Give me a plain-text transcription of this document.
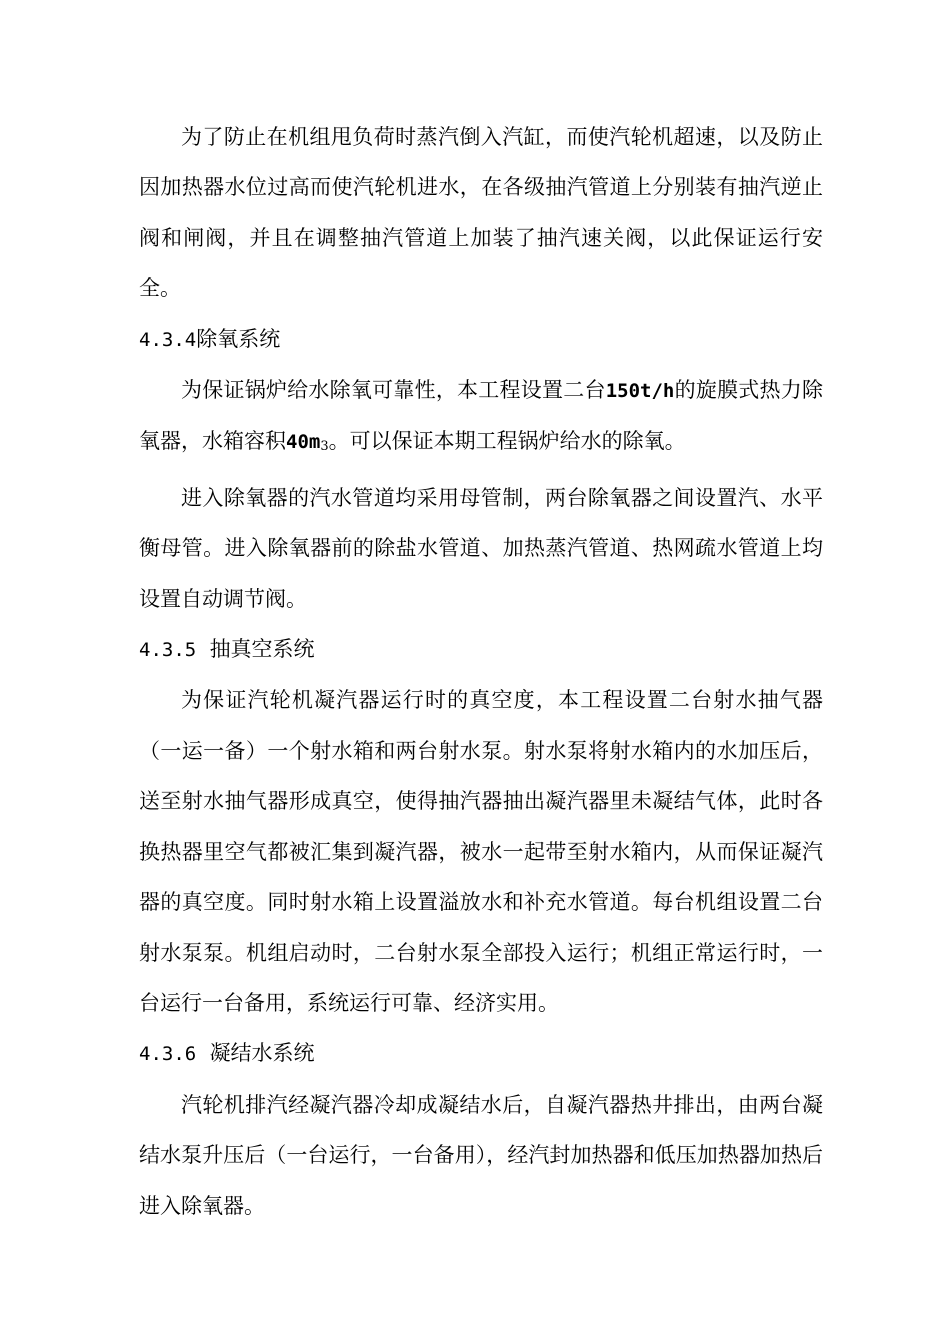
为了防止在机组甩负荷时蒸汽倒入汽缸，而使汽轮机超速，以及防止因加热器水位过高而使汽轮机进水，在各级抽汽管道上分别装有抽汽逆止阀和闸阀，并且在调整抽汽管道上加装了抽汽速关阀，以此保证运行安全。

4.3.4除氧系统

为保证锅炉给水除氧可靠性，本工程设置二台150t/h的旋膜式热力除氧器，水箱容积40m3。可以保证本期工程锅炉给水的除氧。

进入除氧器的汽水管道均采用母管制，两台除氧器之间设置汽、水平衡母管。进入除氧器前的除盐水管道、加热蒸汽管道、热网疏水管道上均设置自动调节阀。

4.3.5 抽真空系统

为保证汽轮机凝汽器运行时的真空度，本工程设置二台射水抽气器（一运一备）一个射水箱和两台射水泵。射水泵将射水箱内的水加压后，送至射水抽气器形成真空，使得抽汽器抽出凝汽器里未凝结气体，此时各换热器里空气都被汇集到凝汽器，被水一起带至射水箱内，从而保证凝汽器的真空度。同时射水箱上设置溢放水和补充水管道。每台机组设置二台射水泵泵。机组启动时，二台射水泵全部投入运行；机组正常运行时，一台运行一台备用，系统运行可靠、经济实用。

4.3.6 凝结水系统

汽轮机排汽经凝汽器冷却成凝结水后，自凝汽器热井排出，由两台凝结水泵升压后（一台运行，一台备用），经汽封加热器和低压加热器加热后进入除氧器。
